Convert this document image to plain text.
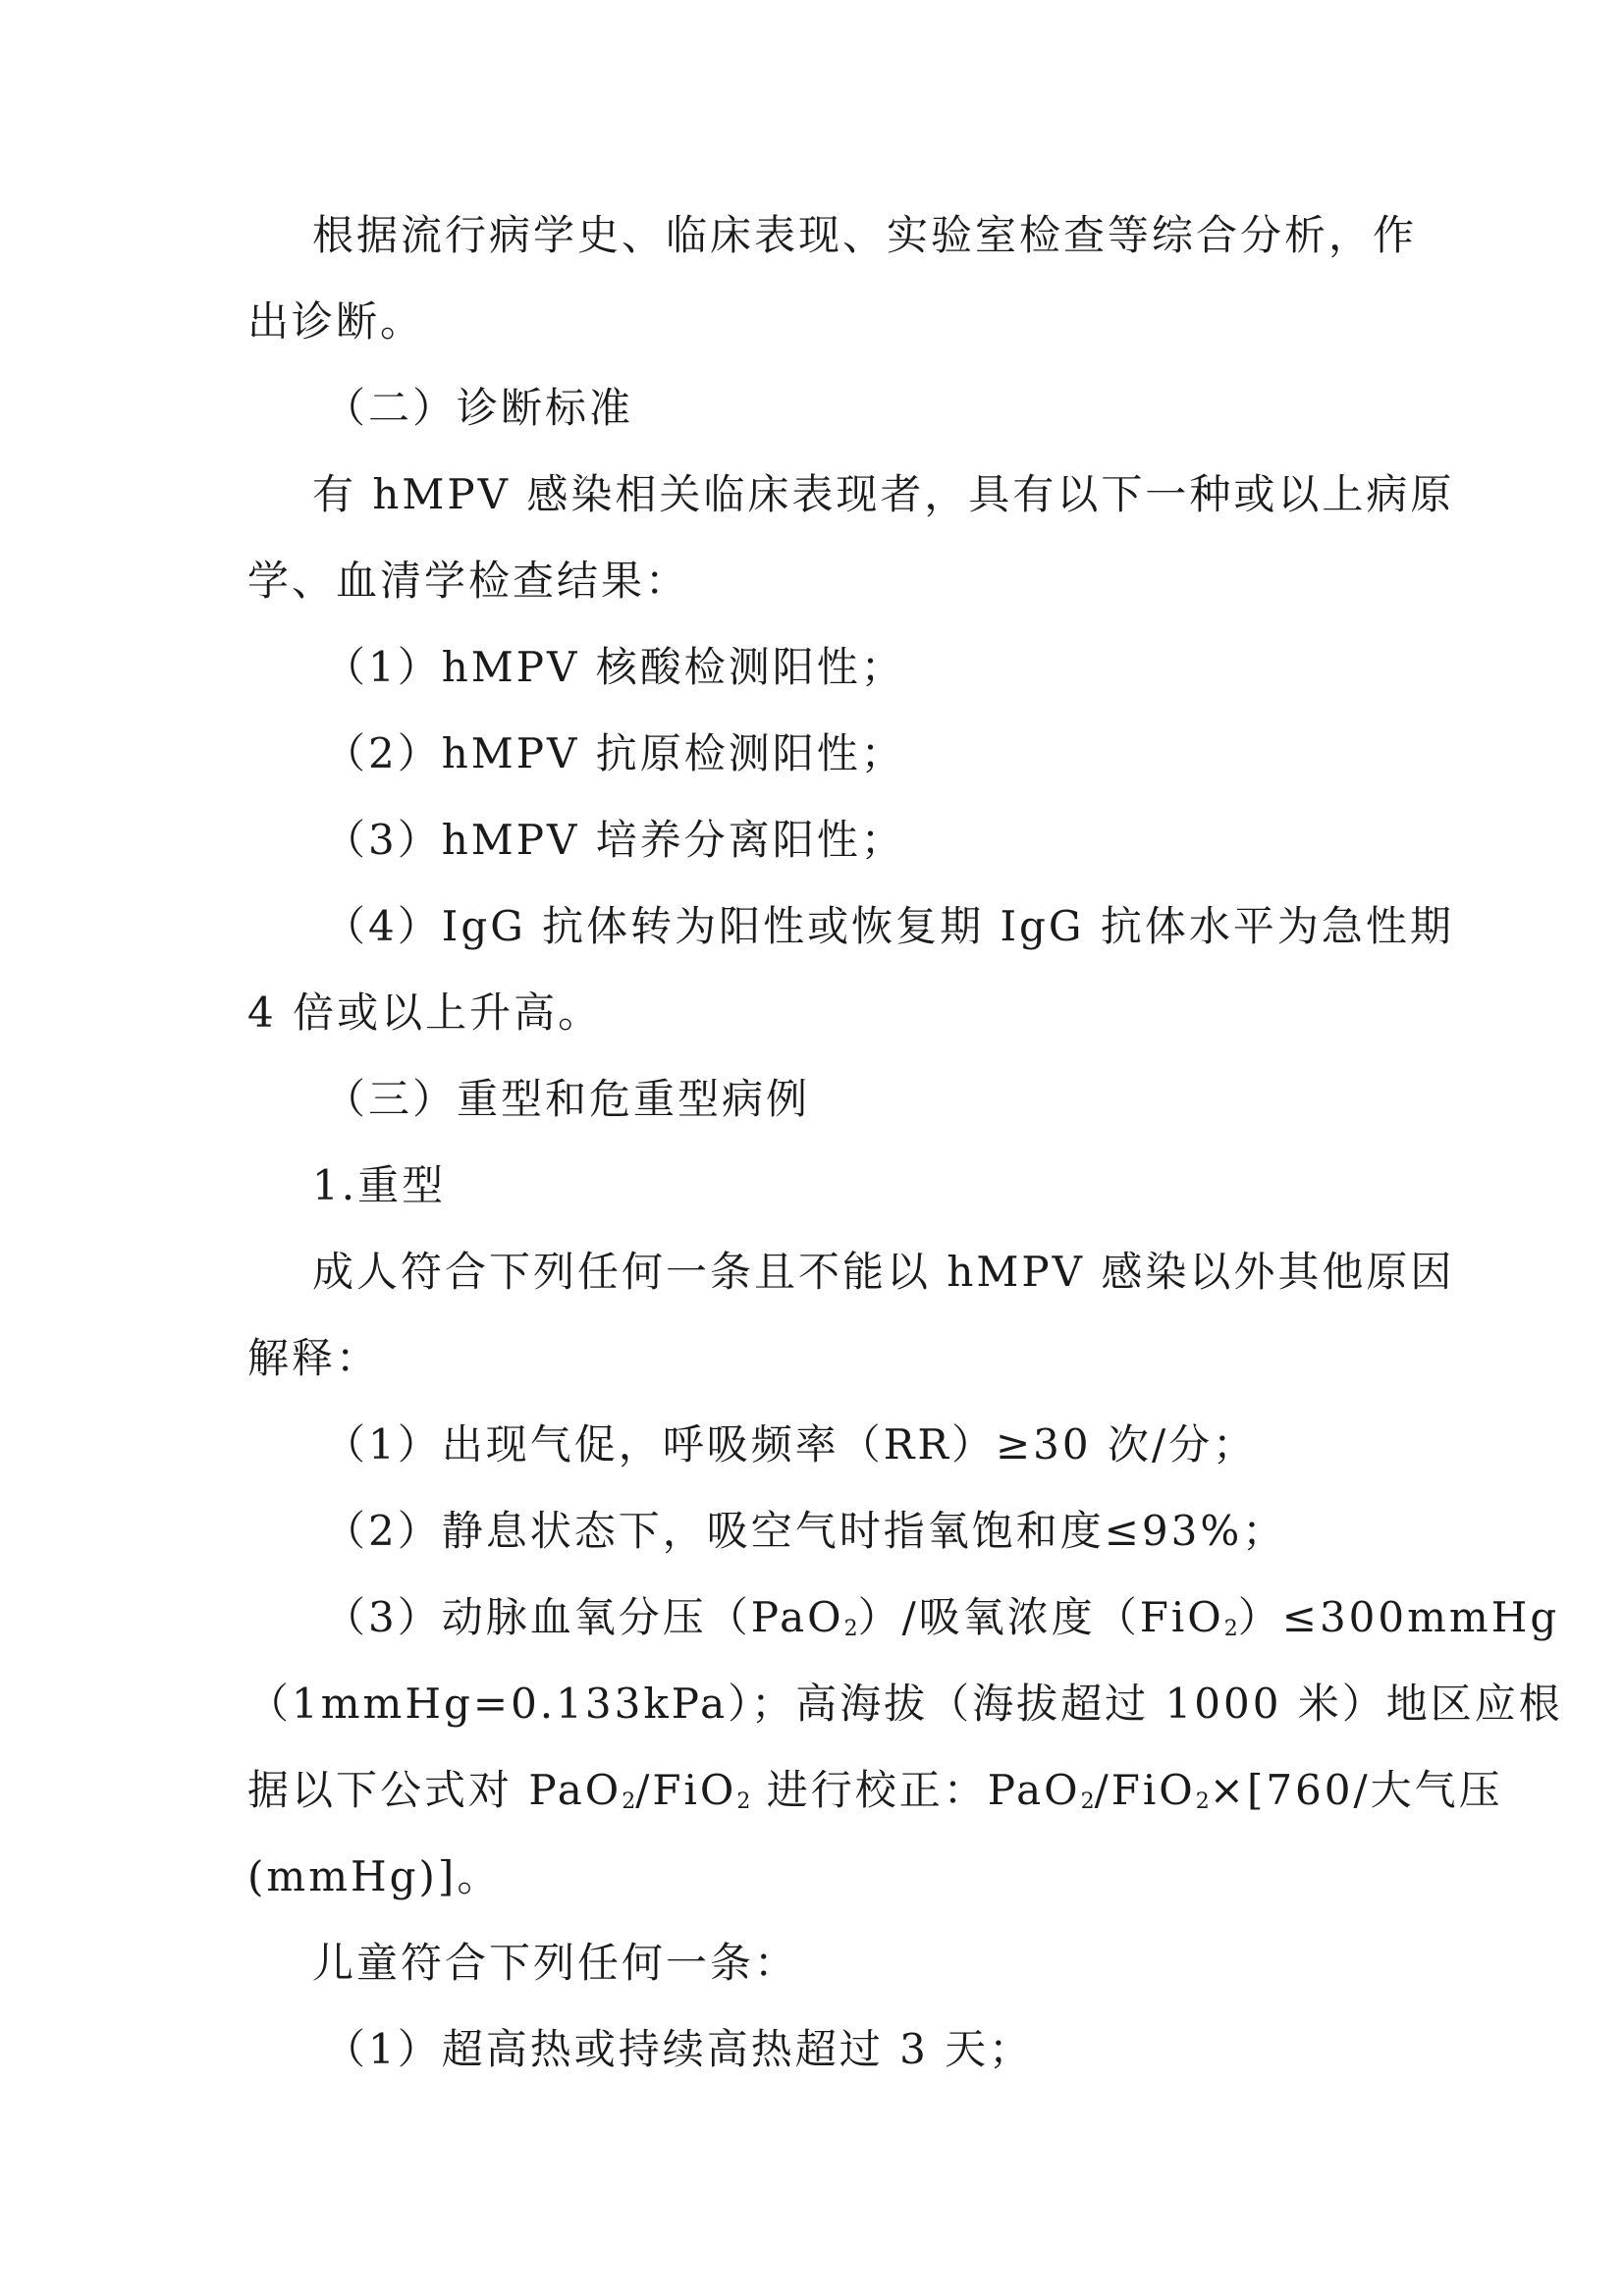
根据流行病学史、临床表现、实验室检查等综合分析，作
出诊断。
（二）诊断标准
有 hMPV 感染相关临床表现者，具有以下一种或以上病原
学、血清学检查结果：
（1）hMPV 核酸检测阳性；
（2）hMPV 抗原检测阳性；
（3）hMPV 培养分离阳性；
（4）IgG 抗体转为阳性或恢复期 IgG 抗体水平为急性期
4 倍或以上升高。
（三）重型和危重型病例
1.重型
成人符合下列任何一条且不能以 hMPV 感染以外其他原因
解释：
（1）出现气促，呼吸频率（RR）≥30 次/分；
（2）静息状态下，吸空气时指氧饱和度≤93%；
（3）动脉血氧分压（PaO$_2$）/吸氧浓度（FiO$_2$）≤300mmHg
（1mmHg=0.133kPa）；高海拔（海拔超过 1000 米）地区应根
据以下公式对 PaO$_2$/FiO$_2$ 进行校正：PaO$_2$/FiO$_2$×[760/大气压
(mmHg)]。
儿童符合下列任何一条：
（1）超高热或持续高热超过 3 天；
